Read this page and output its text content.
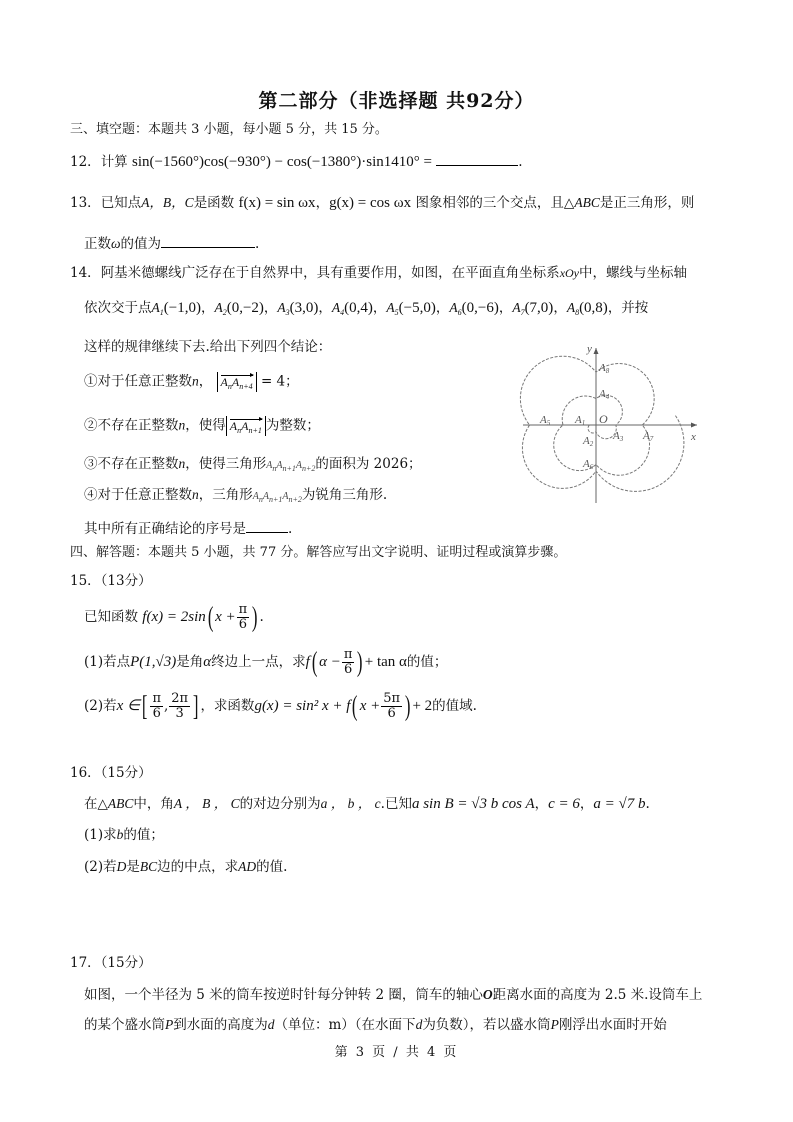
第二部分（非选择题 共92分）
三、填空题：本题共 3 小题，每小题 5 分，共 15 分。
12．计算 sin(−1560°)cos(−930°) − cos(−1380°)·sin1410° =	.
13．已知点A，B，C是函数 f(x) = sin ωx，g(x) = cos ωx 图象相邻的三个交点，且△ABC是正三角形，则
正数ω的值为	.
14．阿基米德螺线广泛存在于自然界中，具有重要作用，如图，在平面直角坐标系xOy中，螺线与坐标轴
依次交于点$A_1(-1,0)$，$A_2(0,-2)$，$A_3(3,0)$，$A_4(0,4)$，$A_5(-5,0)$，$A_6(0,-6)$，$A_7(7,0)$，$A_8(0,8)$，并按
这样的规律继续下去.给出下列四个结论：
①对于任意正整数n，
$A_nA_{n+4} = 4$；
②不存在正整数n，使得 $A_nA_{n+1}$ 为整数；
③不存在正整数n，使得三角形$A_nA_{n+1}A_{n+2}$的面积为 2026；
④对于任意正整数n，三角形$A_nA_{n+1}A_{n+2}$为锐角三角形.
其中所有正确结论的序号是	.
y
x
O
A1
A2
A3
A4
A5
A6
A7
A8
四、解答题：本题共 5 小题，共 77 分。解答应写出文字说明、证明过程或演算步骤。
15．（13分）
已知函数 f(x) = 2sin( $x + \frac{\pi}{6}$ ) .
(1)若点P(1,√3)是角α终边上一点，求f( $\alpha - \frac{\pi}{6}$ ) + tan α的值；
(2)若x ∈[ $\frac{\pi}{6}$ , $\frac{2\pi}{3}$ ] ，求函数g(x) = sin² x + f( $x + \frac{5\pi}{6}$ ) + 2的值域.
16．（15分）
在△ABC中，角A ， B ， C的对边分别为a ， b ， c.已知a sin B = √3 b cos A，c = 6，a = √7 b.
(1)求b的值；
(2)若D是BC边的中点，求AD的值.
17．（15分）
如图，一个半径为 5 米的筒车按逆时针每分钟转 2 圈，筒车的轴心O距离水面的高度为 2.5 米.设筒车上
的某个盛水筒P到水面的高度为d（单位：m）（在水面下d为负数），若以盛水筒P刚浮出水面时开始
第 3 页 / 共 4 页
